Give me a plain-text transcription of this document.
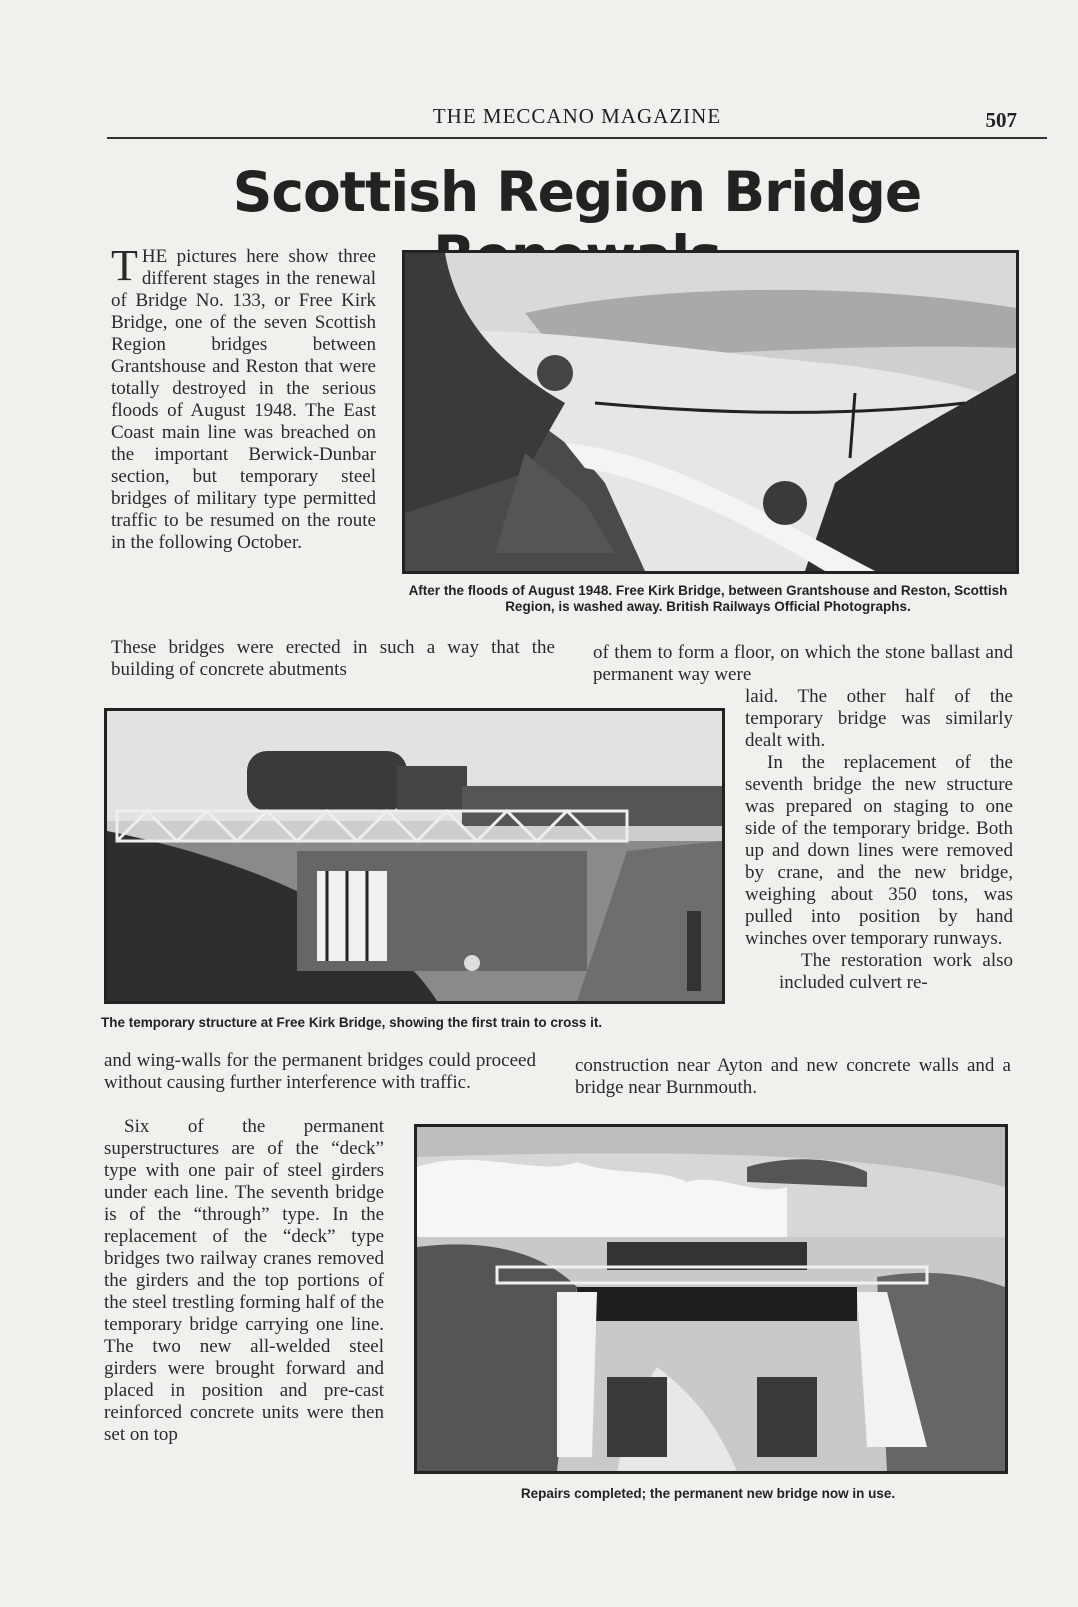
THE MECCANO MAGAZINE	507
Scottish Region Bridge

THE pictures here show three different stages in the renewal of Bridge No. 133, or Free Kirk Bridge, one of the seven Scottish Region bridges between Grantshouse and Reston that were totally destroyed in the serious floods of August 1948. The East Coast main line was breached on the important Berwick-Dunbar section, but temporary steel bridges of military type permitted traffic to be resumed on the route in the following October.

After the floods of August 1948. Free Kirk Bridge, between Grantshouse and Reston, Scottish Region, is washed away. British Railways Official Photographs.
These bridges were erected in such a way that the building of concrete abutments
of them to form a floor, on which the stone ballast and permanent way were
The temporary structure at Free Kirk Bridge, showing the first train to cross it.

laid. The other half of the temporary bridge was similarly dealt with.

In the replacement of the seventh bridge the new structure was prepared on staging to one side of the temporary bridge. Both up and down lines were removed by crane, and the new bridge, weighing about 350 tons, was pulled into position by hand winches over temporary runways.

The restoration work also included culvert re-

and wing-walls for the permanent bridges could proceed without causing further interference with traffic.
construction near Ayton and new concrete walls and a bridge near Burnmouth.
Six of the permanent superstructures are of the “deck” type with one pair of steel girders under each line. The seventh bridge is of the “through” type. In the replacement of the “deck” type bridges two railway cranes removed the girders and the top portions of the steel trestling forming half of the temporary bridge carrying one line. The two new all-welded steel girders were brought forward and placed in position and pre-cast reinforced concrete units were then set on top
Repairs completed; the permanent new bridge now in use.
